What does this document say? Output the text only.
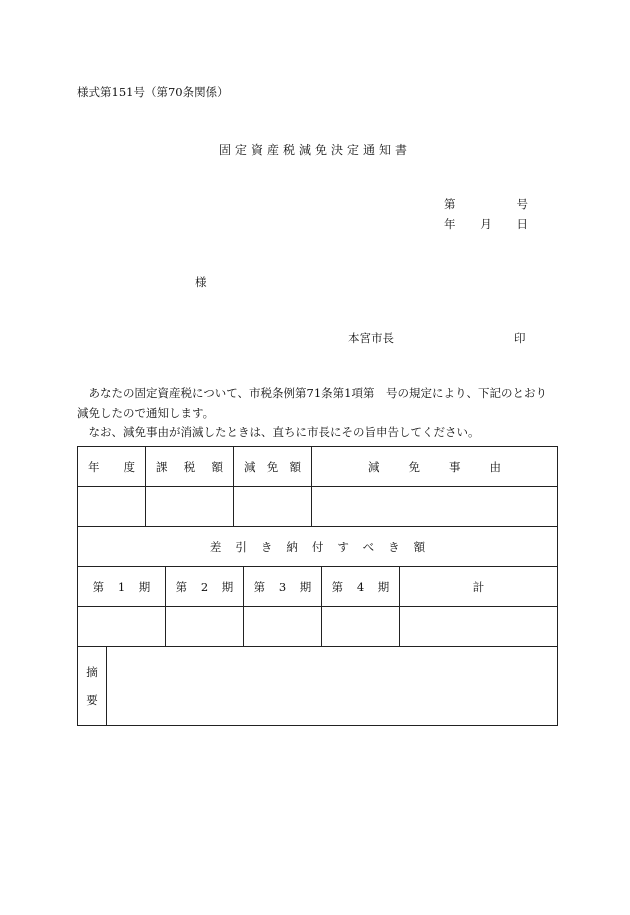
様式第151号（第70条関係）
固定資産税減免決定通知書
第	号
年 月 日
様
本宮市長	印

あなたの固定資産税について、市税条例第71条第1項第　号の規定により、下記のとおり減免したので通知します。

なお、減免事由が消滅したときは、直ちに市長にその旨申告してください。

年 度		課 税 額		減 免 額		減 免 事 由		

差引き納付すべき額								
第 1 期			第 2 期		第 3 期		第 4 期	計

摘
要								
